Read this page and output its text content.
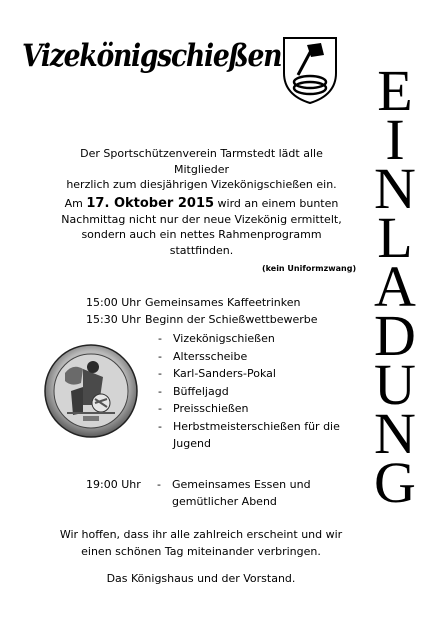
Vizekönigschießen
E
I
N
L
A
D
U
N
G
Der Sportschützenverein Tarmstedt lädt alle Mitglieder
herzlich zum diesjährigen Vizekönigschießen ein.
Am 17. Oktober 2015 wird an einem bunten
Nachmittag nicht nur der neue Vizekönig ermittelt,
sondern auch ein nettes Rahmenprogramm
stattfinden.
(kein Uniformzwang)
15:00 Uhr Gemeinsames Kaffeetrinken
15:30 Uhr Beginn der Schießwettbewerbe
- Vizekönigschießen
- Altersscheibe
- Karl-Sanders-Pokal
- Büffeljagd
- Preisschießen
- Herbstmeisterschießen für die
Jugend
19:00 Uhr - Gemeinsames Essen und
gemütlicher Abend
Wir hoffen, dass ihr alle zahlreich erscheint und wir
einen schönen Tag miteinander verbringen.
Das Königshaus und der Vorstand.
